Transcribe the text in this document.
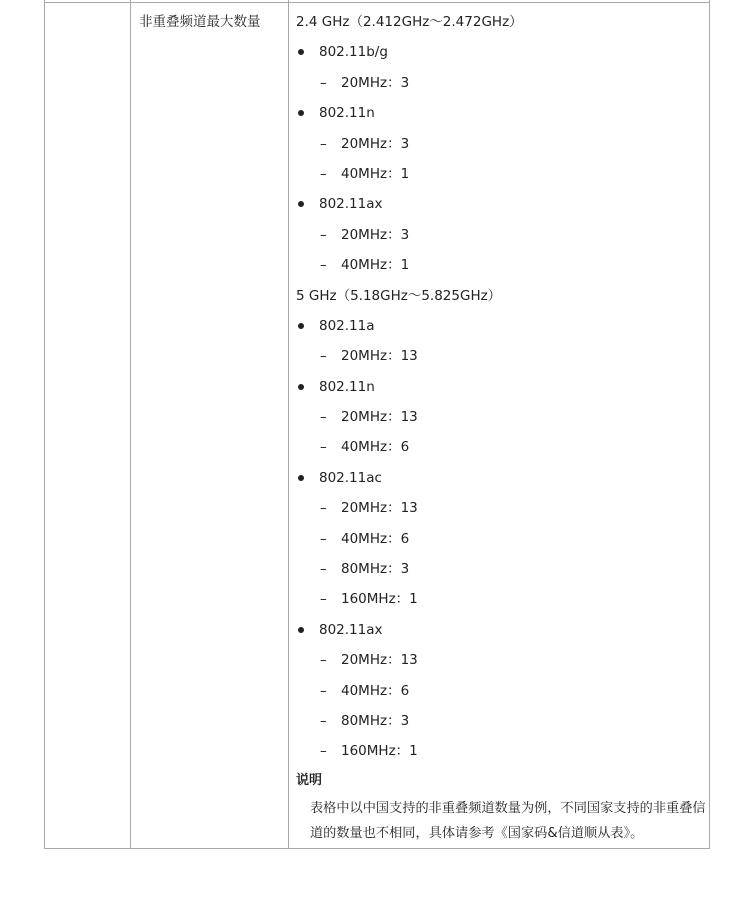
非重叠频道最大数量	2.4 GHz（2.412GHz～2.472GHz）
802.11b/g
– 20MHz：3
802.11n
– 20MHz：3
– 40MHz：1
802.11ax
– 20MHz：3
– 40MHz：1
5 GHz（5.18GHz～5.825GHz）
802.11a
– 20MHz：13
802.11n
– 20MHz：13
– 40MHz：6
802.11ac
– 20MHz：13
– 40MHz：6
– 80MHz：3
– 160MHz：1
802.11ax
– 20MHz：13
– 40MHz：6
– 80MHz：3
– 160MHz：1
说明
表格中以中国支持的非重叠频道数量为例，不同国家支持的非重叠信道的数量也不相同，具体请参考《国家码&信道顺从表》。
